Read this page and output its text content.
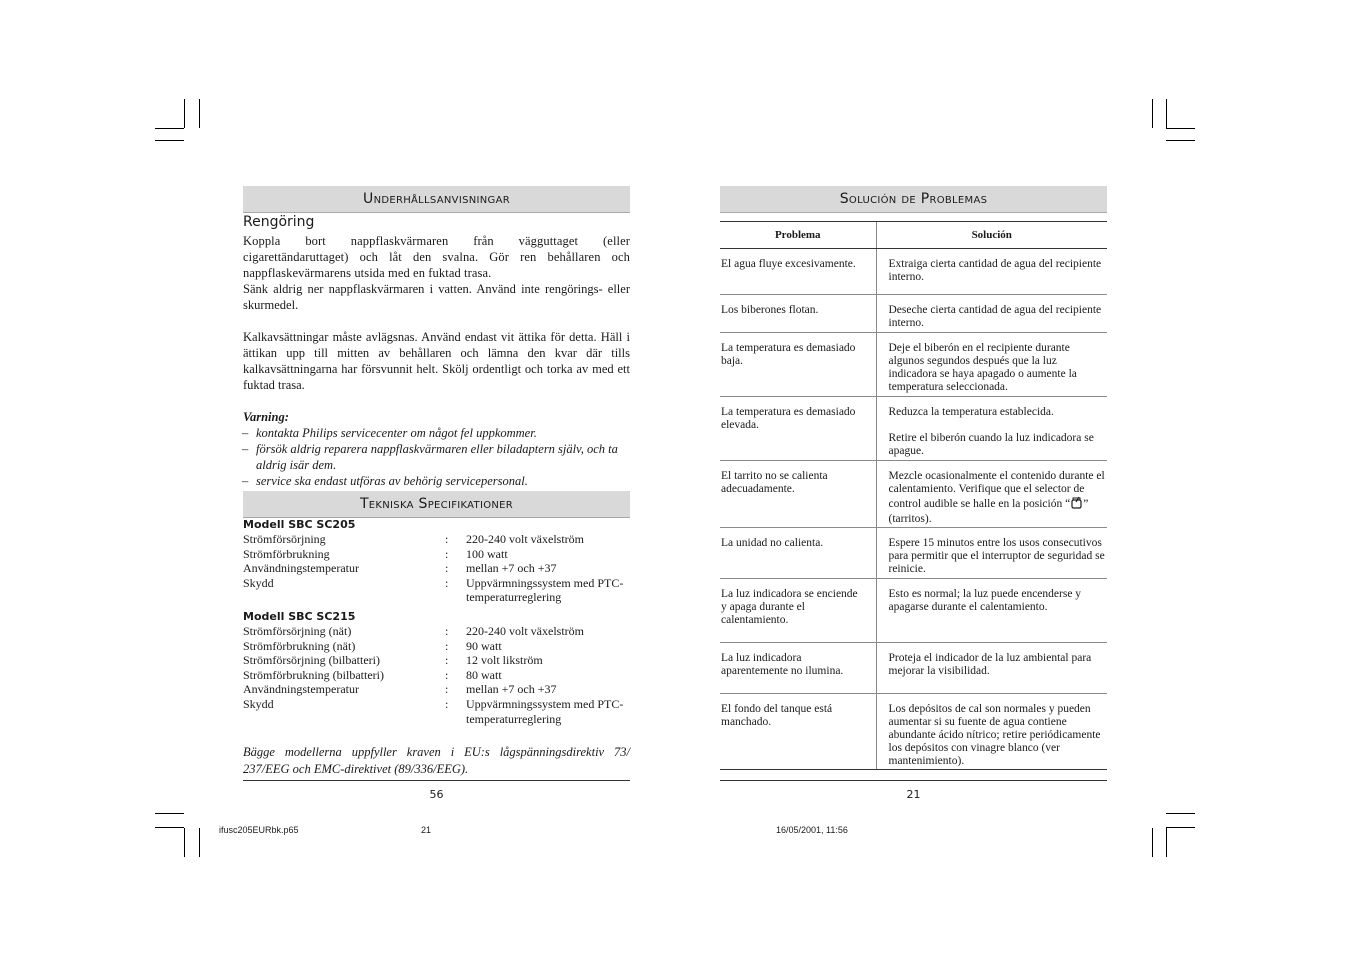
Underhållsanvisningar
Rengöring

Koppla bort nappflaskvärmaren från vägguttaget (eller cigarettändaruttaget) och låt den svalna. Gör ren behållaren och nappflaskevärmarens utsida med en fuktad trasa.

Sänk aldrig ner nappflaskvärmaren i vatten. Använd inte rengörings- eller skurmedel.

Kalkavsättningar måste avlägsnas. Använd endast vit ättika för detta. Häll i ättikan upp till mitten av behållaren och lämna den kvar där tills kalkavsättningarna har försvunnit helt. Skölj ordentligt och torka av med ett fuktad trasa.

Varning:
– kontakta Philips servicecenter om något fel uppkommer.
– försök aldrig reparera nappflaskvärmaren eller biladaptern själv, och ta aldrig isär dem.
– service ska endast utföras av behörig servicepersonal.
Tekniska Specifikationer
Modell SBC SC205
Strömförsörjning	:	220-240 volt växelström
Strömförbrukning	:	100 watt
Användningstemperatur	:	mellan +7 och +37
Skydd	:	Uppvärmningssystem med PTC-temperaturreglering
Modell SBC SC215
Strömförsörjning (nät)	:	220-240 volt växelström
Strömförbrukning (nät)	:	90 watt
Strömförsörjning (bilbatteri)	:	12 volt likström
Strömförbrukning (bilbatteri)	:	80 watt
Användningstemperatur	:	mellan +7 och +37
Skydd	:	Uppvärmningssystem med PTC-temperaturreglering

Bägge modellerna uppfyller kraven i EU:s lågspänningsdirektiv 73/ 237/EEG och EMC-direktivet (89/336/EEG).

56
Solución de Problemas
Problema	Solución
El agua fluye excesivamente.	Extraiga cierta cantidad de agua del recipiente interno.
Los biberones flotan.	Deseche cierta cantidad de agua del recipiente interno.
La temperatura es demasiado baja.	Deje el biberón en el recipiente durante algunos segundos después que la luz indicadora se haya apagado o aumente la temperatura seleccionada.
La temperatura es demasiado elevada.	Reduzca la temperatura establecida.
Retire el biberón cuando la luz indicadora se apague.

El tarrito no se calienta adecuadamente.	Mezcle ocasionalmente el contenido durante el calentamiento. Verifique que el selector de control audible se halle en la posición “ ” (tarritos).
La unidad no calienta.	Espere 15 minutos entre los usos consecutivos para permitir que el interruptor de seguridad se reinicie.
La luz indicadora se enciende y apaga durante el calentamiento.	Esto es normal; la luz puede encenderse y apagarse durante el calentamiento.
La luz indicadora aparentemente no ilumina.	Proteja el indicador de la luz ambiental para mejorar la visibilidad.
El fondo del tanque está manchado.	Los depósitos de cal son normales y pueden aumentar si su fuente de agua contiene abundante ácido nítrico; retire periódicamente los depósitos con vinagre blanco (ver mantenimiento).
21
ifusc205EURbk.p65	21	16/05/2001, 11:56
